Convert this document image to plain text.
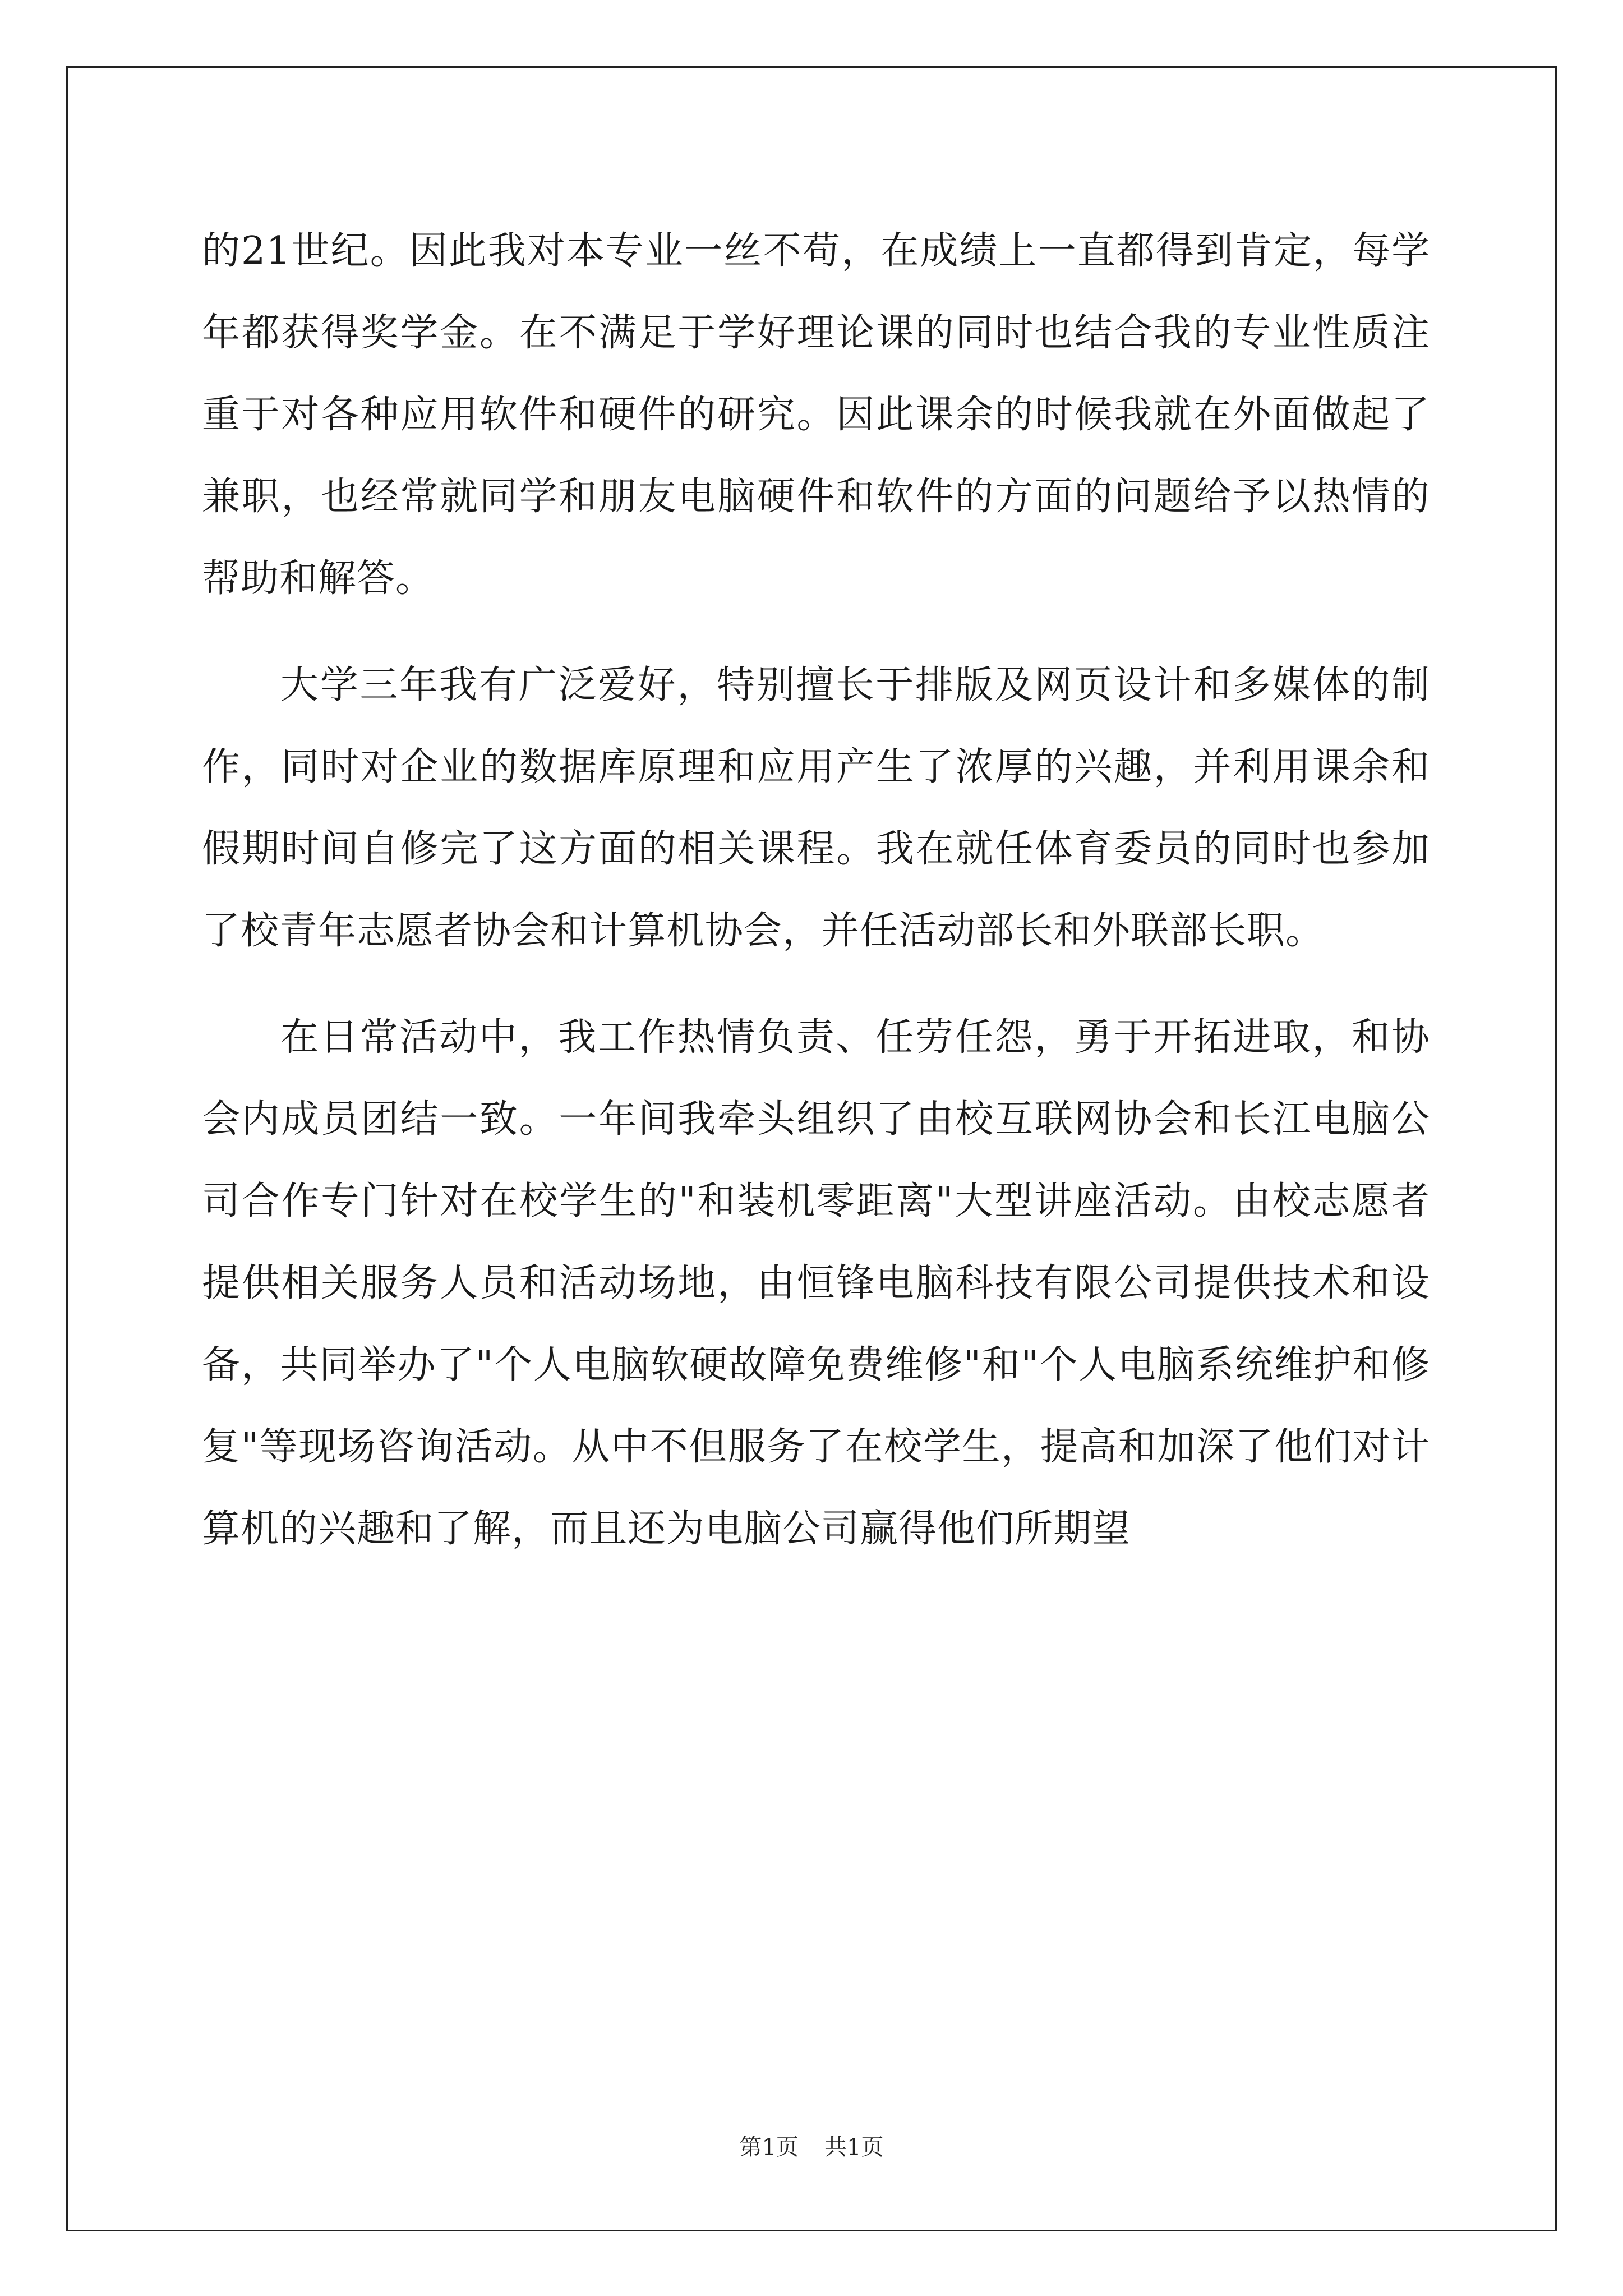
的21世纪。因此我对本专业一丝不苟，在成绩上一直都得到肯定，每学年都获得奖学金。在不满足于学好理论课的同时也结合我的专业性质注重于对各种应用软件和硬件的研究。因此课余的时候我就在外面做起了兼职，也经常就同学和朋友电脑硬件和软件的方面的问题给予以热情的帮助和解答。

大学三年我有广泛爱好，特别擅长于排版及网页设计和多媒体的制作，同时对企业的数据库原理和应用产生了浓厚的兴趣，并利用课余和假期时间自修完了这方面的相关课程。我在就任体育委员的同时也参加了校青年志愿者协会和计算机协会，并任活动部长和外联部长职。

在日常活动中，我工作热情负责、任劳任怨，勇于开拓进取，和协会内成员团结一致。一年间我牵头组织了由校互联网协会和长江电脑公司合作专门针对在校学生的"和装机零距离"大型讲座活动。由校志愿者提供相关服务人员和活动场地，由恒锋电脑科技有限公司提供技术和设备，共同举办了"个人电脑软硬故障免费维修"和"个人电脑系统维护和修复"等现场咨询活动。从中不但服务了在校学生，提高和加深了他们对计算机的兴趣和了解，而且还为电脑公司赢得他们所期望

第1页 共1页
